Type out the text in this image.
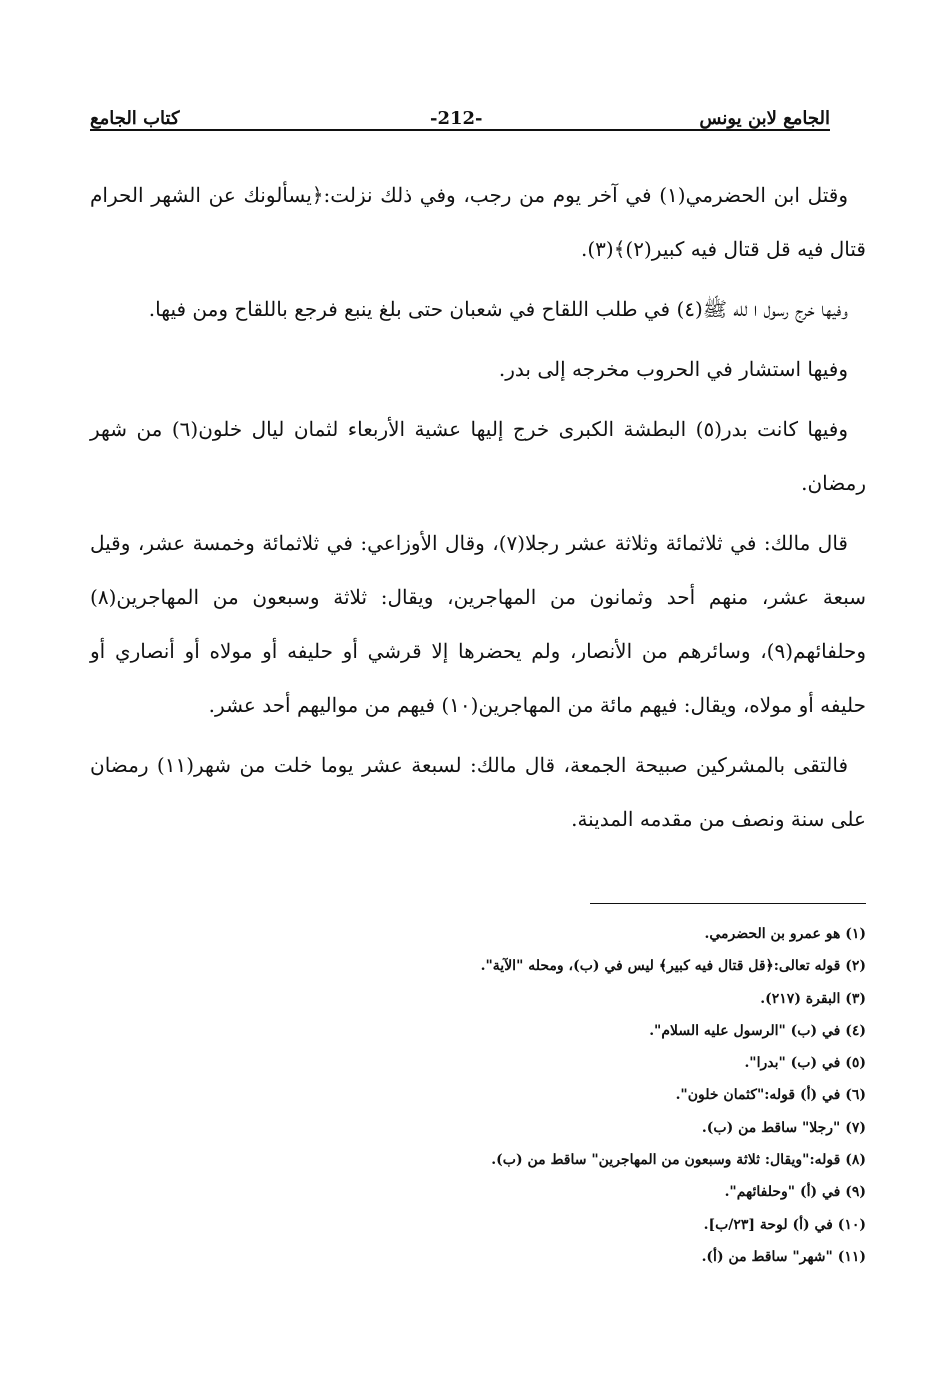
الجامع لابن يونس
-212-
كتاب الجامع

وقتل ابن الحضرمي(١) في آخر يوم من رجب، وفي ذلك نزلت:﴿يسألونك عن الشهر الحرام قتال فيه قل قتال فيه كبير(٢)﴾(٣).

وفيها خرج رسول ا لله ﷺ(٤) في طلب اللقاح في شعبان حتى بلغ ينبع فرجع باللقاح ومن فيها.

وفيها استشار في الحروب مخرجه إلى بدر.

وفيها كانت بدر(٥) البطشة الكبرى خرج إليها عشية الأربعاء لثمان ليال خلون(٦) من شهر رمضان.

قال مالك: في ثلاثمائة وثلاثة عشر رجلا(٧)، وقال الأوزاعي: في ثلاثمائة وخمسة عشر، وقيل سبعة عشر، منهم أحد وثمانون من المهاجرين، ويقال: ثلاثة وسبعون من المهاجرين(٨) وحلفائهم(٩)، وسائرهم من الأنصار، ولم يحضرها إلا قرشي أو حليفه أو مولاه أو أنصاري أو حليفه أو مولاه، ويقال: فيهم مائة من المهاجرين(١٠) فيهم من مواليهم أحد عشر.

فالتقى بالمشركين صبيحة الجمعة، قال مالك: لسبعة عشر يوما خلت من شهر(١١) رمضان على سنة ونصف من مقدمه المدينة.

(١) هو عمرو بن الحضرمي.
(٢) قوله تعالى:﴿قل قتال فيه كبير﴾ ليس في (ب)، ومحله "الآية".
(٣) البقرة (٢١٧).
(٤) في (ب) "الرسول عليه السلام".
(٥) في (ب) "بدرا".
(٦) في (أ) قوله:"كثمان خلون".
(٧) "رجلا" ساقط من (ب).
(٨) قوله:"ويقال: ثلاثة وسبعون من المهاجرين" ساقط من (ب).
(٩) في (أ) "وحلفائهم".
(١٠) في (أ) لوحة [٢٣/ب].
(١١) "شهر" ساقط من (أ).
